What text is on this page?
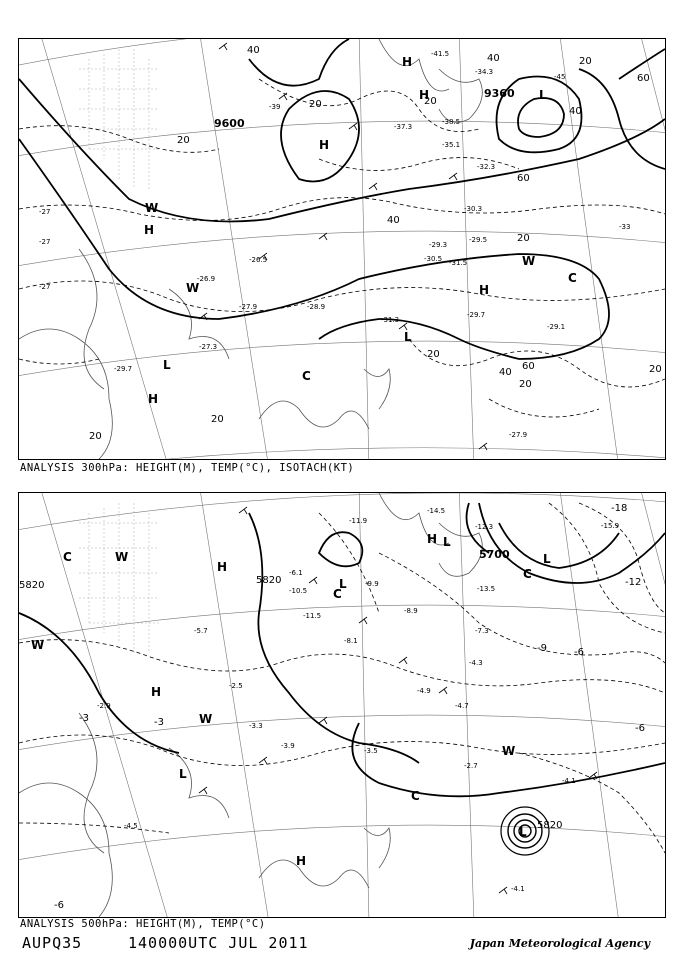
9600
9360
40
20
40
20
20
60
40
60
20
40
20
20
60
40
20
20
20
20
H
L
H
H
W
W
H
L
L
H
C
C
H
W
-27
-27
-27
-41.5
-34.3
-37.3
-38.5
-35.1
-32.3
-30.3
-29.3
-29.5
-30.5 -31.5
-28.9
-26.9
-27.9
-31.3
-29.7
-29.1
-27.9
-27.3
-26.5
-33
-39
-45
-29.7
ANALYSIS 300hPa: HEIGHT(M), TEMP(°C), ISOTACH(KT)
5820	5820
5700
5820
-18
-12
-9
-6
-3
-6
-3
-6
C	W
H
W
H
L
C
L
C
W
L
L
W
H
C
L
H
-14.5
-12.3
-11.9
-11.5
-9.9
-8.1
-4.9
-3.5
-2.7
-4.1
-4.5
-2.9
-6.1
-8.9
-7.3
-10.5
-5.7
-13.5
-15.9
-4.3
-3.9
-3.3
-4.7
-2.5
-4.1
ANALYSIS 500hPa: HEIGHT(M), TEMP(°C)
AUPQ35	140000UTC JUL 2011	Japan Meteorological Agency
